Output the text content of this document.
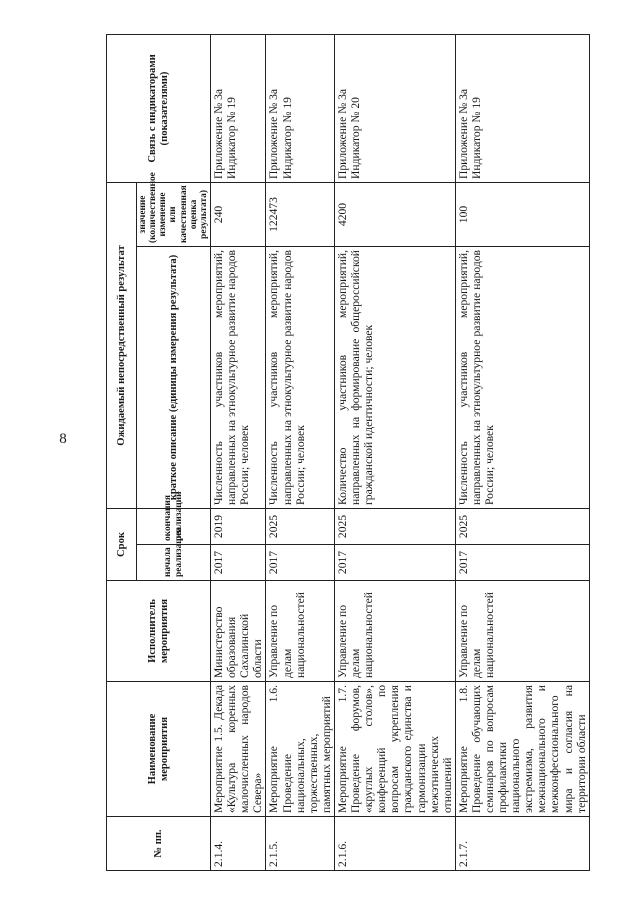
8
№ пп.	Наименование мероприятия	Исполнитель мероприятия	Срок		Ожидаемый непосредственный результат		Связь с индикаторами (показателями)
			начала реализации	окончания реализации	краткое описание (единицы измерения результата)	значение (количественное изменение или качественная оценка результата)	
2.1.4.	Мероприятие 1.5. Декада «Культура коренных малочисленных народов Севера»	Министерство образования Сахалинской области	2017	2019	Численность участников мероприятий, направленных на этнокультурное развитие народов России; человек	240	Приложение № 3а Индикатор № 19
2.1.5.	Мероприятие 1.6. Проведение национальных, торжественных, памятных мероприятий	Управление по делам национальностей	2017	2025	Численность участников мероприятий, направленных на этнокультурное развитие народов России; человек	122473	Приложение № 3а Индикатор № 19
2.1.6.	Мероприятие 1.7. Проведение форумов, «круглых столов», конференций по вопросам укрепления гражданского единства и гармонизации межэтнических отношений	Управление по делам национальностей	2017	2025	Количество участников мероприятий, направленных на формирование общероссийской гражданской идентичности; человек	4200	Приложение № 3а Индикатор № 20
2.1.7.	Мероприятие 1.8. Проведение обучающих семинаров по вопросам профилактики национального экстремизма, развития межнационального и межконфессионального мира и согласия на территории области	Управление по делам национальностей	2017	2025	Численность участников мероприятий, направленных на этнокультурное развитие народов России; человек	100	Приложение № 3а Индикатор № 19
